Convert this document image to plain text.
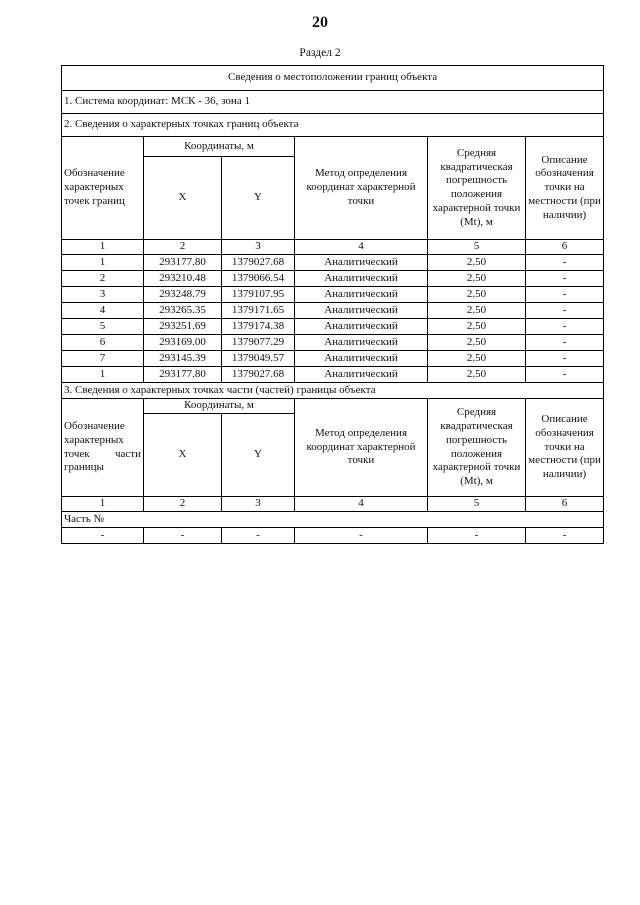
20
Раздел 2
Сведения о местоположении границ объекта					
1. Система координат: МСК - 36, зона 1					
2. Сведения о характерных точках границ объекта					
Обозначение характерных точек границ	Координаты, м		Метод определения координат характерной точки	Средняя квадратическая погрешность положения характерной точки (Mt), м	Описание обозначения точки на местности (при наличии)
	X	Y			
1	2	3	4	5	6
1	293177.80	1379027.68	Аналитический	2.50	-
2	293210.48	1379066.54	Аналитический	2.50	-
3	293248.79	1379107.95	Аналитический	2.50	-
4	293265.35	1379171.65	Аналитический	2.50	-
5	293251.69	1379174.38	Аналитический	2.50	-
6	293169.00	1379077.29	Аналитический	2.50	-
7	293145.39	1379049.57	Аналитический	2.50	-
1	293177.80	1379027.68	Аналитический	2.50	-
3. Сведения о характерных точках части (частей) границы объекта					
Обозначение характерных точек части границы	Координаты, м		Метод определения координат характерной точки	Средняя квадратическая погрешность положения характерной точки (Mt), м	Описание обозначения точки на местности (при наличии)
	X	Y			
1	2	3	4	5	6
Часть №					
-	-	-	-	-	-
